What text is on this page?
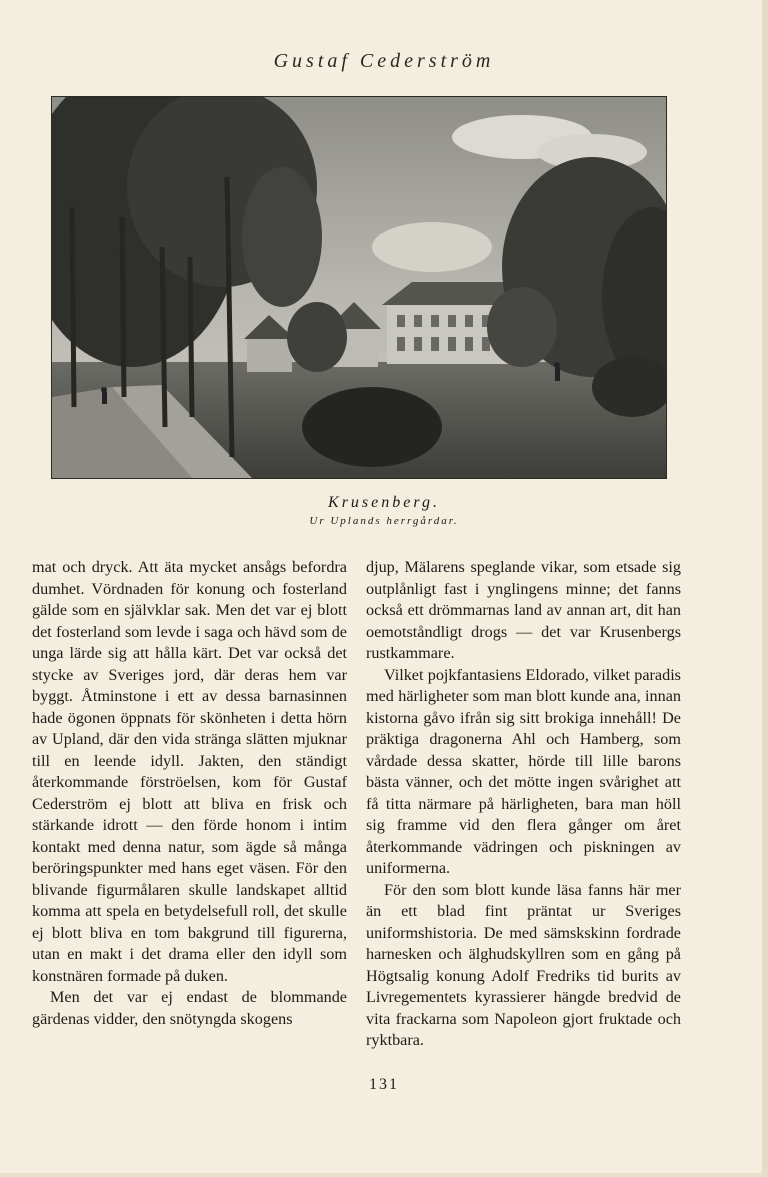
Gustaf Cederström
Krusenberg.
Ur Uplands herrgårdar.

mat och dryck. Att äta mycket ansågs befordra dumhet. Vördnaden för konung och fosterland gälde som en självklar sak. Men det var ej blott det fosterland som levde i saga och hävd som de unga lärde sig att hålla kärt. Det var också det stycke av Sveriges jord, där deras hem var byggt. Åtminstone i ett av dessa barnasinnen hade ögonen öppnats för skönheten i detta hörn av Upland, där den vida stränga slätten mjuknar till en leende idyll. Jakten, den ständigt återkommande förströelsen, kom för Gustaf Cederström ej blott att bliva en frisk och stärkande idrott — den förde honom i intim kontakt med denna natur, som ägde så många beröringspunkter med hans eget väsen. För den blivande figurmålaren skulle landskapet alltid komma att spela en betydelsefull roll, det skulle ej blott bliva en tom bakgrund till figurerna, utan en makt i det drama eller den idyll som konstnären formade på duken.

Men det var ej endast de blommande gärdenas vidder, den snötyngda skogens

djup, Mälarens speglande vikar, som etsade sig outplånligt fast i ynglingens minne; det fanns också ett drömmarnas land av annan art, dit han oemotståndligt drogs — det var Krusenbergs rustkammare.

Vilket pojkfantasiens Eldorado, vilket paradis med härligheter som man blott kunde ana, innan kistorna gåvo ifrån sig sitt brokiga innehåll! De präktiga dragonerna Ahl och Hamberg, som vårdade dessa skatter, hörde till lille barons bästa vänner, och det mötte ingen svårighet att få titta närmare på härligheten, bara man höll sig framme vid den flera gånger om året återkommande vädringen och piskningen av uniformerna.

För den som blott kunde läsa fanns här mer än ett blad fint präntat ur Sveriges uniformshistoria. De med sämskskinn fordrade harnesken och älghudskyllren som en gång på Högtsalig konung Adolf Fredriks tid burits av Livregementets kyrassierer hängde bredvid de vita frackarna som Napoleon gjort fruktade och ryktbara.

131
